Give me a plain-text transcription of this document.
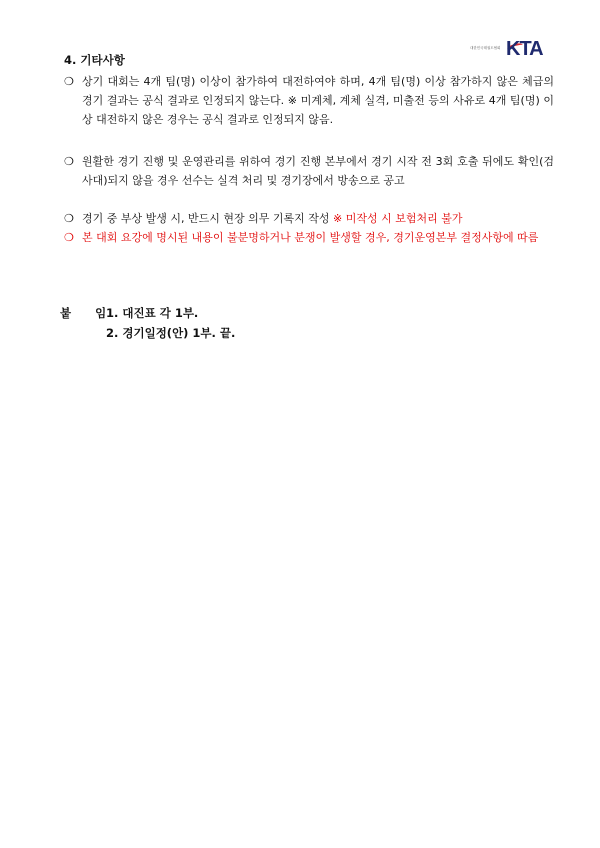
대한민국태권도협회 KTA
4. 기타사항
❍ 상기 대회는 4개 팀(명) 이상이 참가하여 대전하여야 하며, 4개 팀(명) 이상 참가하지 않은 체급의 경기 결과는 공식 결과로 인정되지 않는다. ※ 미계체, 계체 실격, 미출전 등의 사유로 4개 팀(명) 이상 대전하지 않은 경우는 공식 결과로 인정되지 않음.
❍ 원활한 경기 진행 및 운영관리를 위하여 경기 진행 본부에서 경기 시작 전 3회 호출 뒤에도 확인(검사대)되지 않을 경우 선수는 실격 처리 및 경기장에서 방송으로 공고
❍ 경기 중 부상 발생 시, 반드시 현장 의무 기록지 작성 ※ 미작성 시 보험처리 불가
❍ 본 대회 요강에 명시된 내용이 불분명하거나 분쟁이 발생할 경우, 경기운영본부 결정사항에 따름
붙 임
1. 대진표 각 1부.
2. 경기일정(안) 1부. 끝.
